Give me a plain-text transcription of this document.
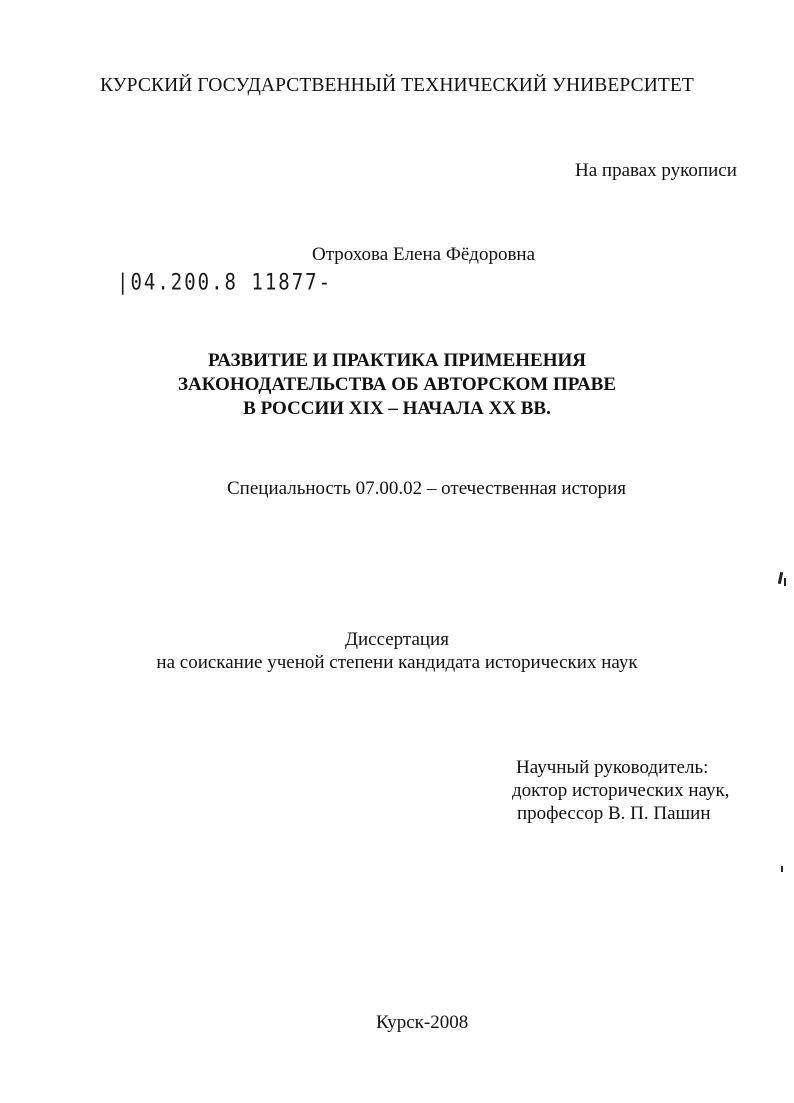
КУРСКИЙ ГОСУДАРСТВЕННЫЙ ТЕХНИЧЕСКИЙ УНИВЕРСИТЕТ
На правах рукописи
Отрохова Елена Фёдоровна
|04.200.8 11877-
РАЗВИТИЕ И ПРАКТИКА ПРИМЕНЕНИЯ
ЗАКОНОДАТЕЛЬСТВА ОБ АВТОРСКОМ ПРАВЕ
В РОССИИ XIX – НАЧАЛА XX ВВ.
Специальность 07.00.02 – отечественная история
Диссертация
на соискание ученой степени кандидата исторических наук
Научный руководитель:
доктор исторических наук,
профессор В. П. Пашин
Курск-2008
